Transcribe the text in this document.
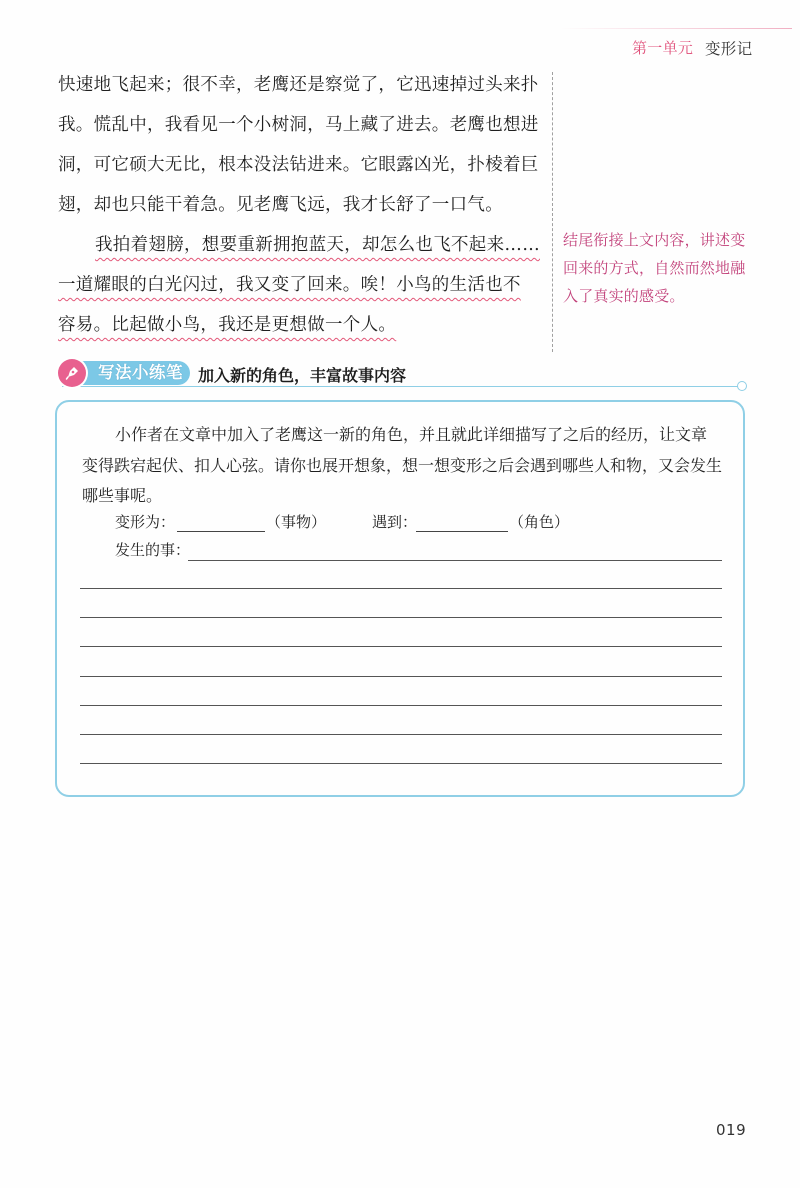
第一单元 变形记
快速地飞起来；很不幸，老鹰还是察觉了，它迅速掉过头来扑
我。慌乱中，我看见一个小树洞，马上藏了进去。老鹰也想进
洞，可它硕大无比，根本没法钻进来。它眼露凶光，扑棱着巨
翅，却也只能干着急。见老鹰飞远，我才长舒了一口气。
我拍着翅膀，想要重新拥抱蓝天，却怎么也飞不起来……
一道耀眼的白光闪过，我又变了回来。唉！小鸟的生活也不
容易。比起做小鸟，我还是更想做一个人。
结尾衔接上文内容，讲述变
回来的方式，自然而然地融
入了真实的感受。
写法小练笔 加入新的角色，丰富故事内容
小作者在文章中加入了老鹰这一新的角色，并且就此详细描写了之后的经历，让文章
变得跌宕起伏、扣人心弦。请你也展开想象，想一想变形之后会遇到哪些人和物，又会发生
哪些事呢。
变形为：	（事物）	遇到：	（角色）
发生的事：
019
